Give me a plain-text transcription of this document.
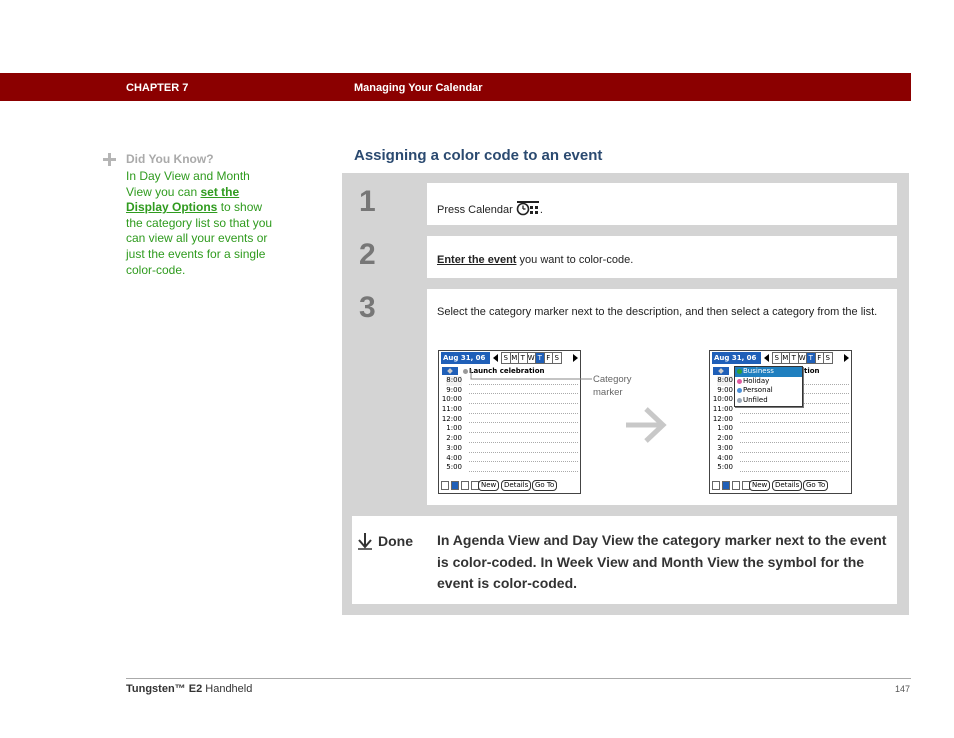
CHAPTER 7	Managing Your Calendar
Did You Know?
In Day View and Month View you can set the Display Options to show the category list so that you can view all your events or just the events for a single color-code.
Assigning a color code to an event
1	Press Calendar .
2	Enter the event you want to color-code.
3	Select the category marker next to the description, and then select a category from the list.
Aug 31, 06	S M T W T F S
Launch celebration
8:00
9:00
10:00
11:00
12:00
1:00
2:00
3:00
4:00
5:00
New	Details Go To
Category
marker
Aug 31, 06	S M T W T F S
tion
8:00
9:00
10:00
11:00
12:00
1:00
2:00
3:00
4:00
5:00
Business
Holiday
Personal
Unfiled
New	Details Go To
Done In Agenda View and Day View the category marker next to the event is color-coded. In Week View and Month View the symbol for the event is color-coded.
Tungsten™ E2 Handheld	147
